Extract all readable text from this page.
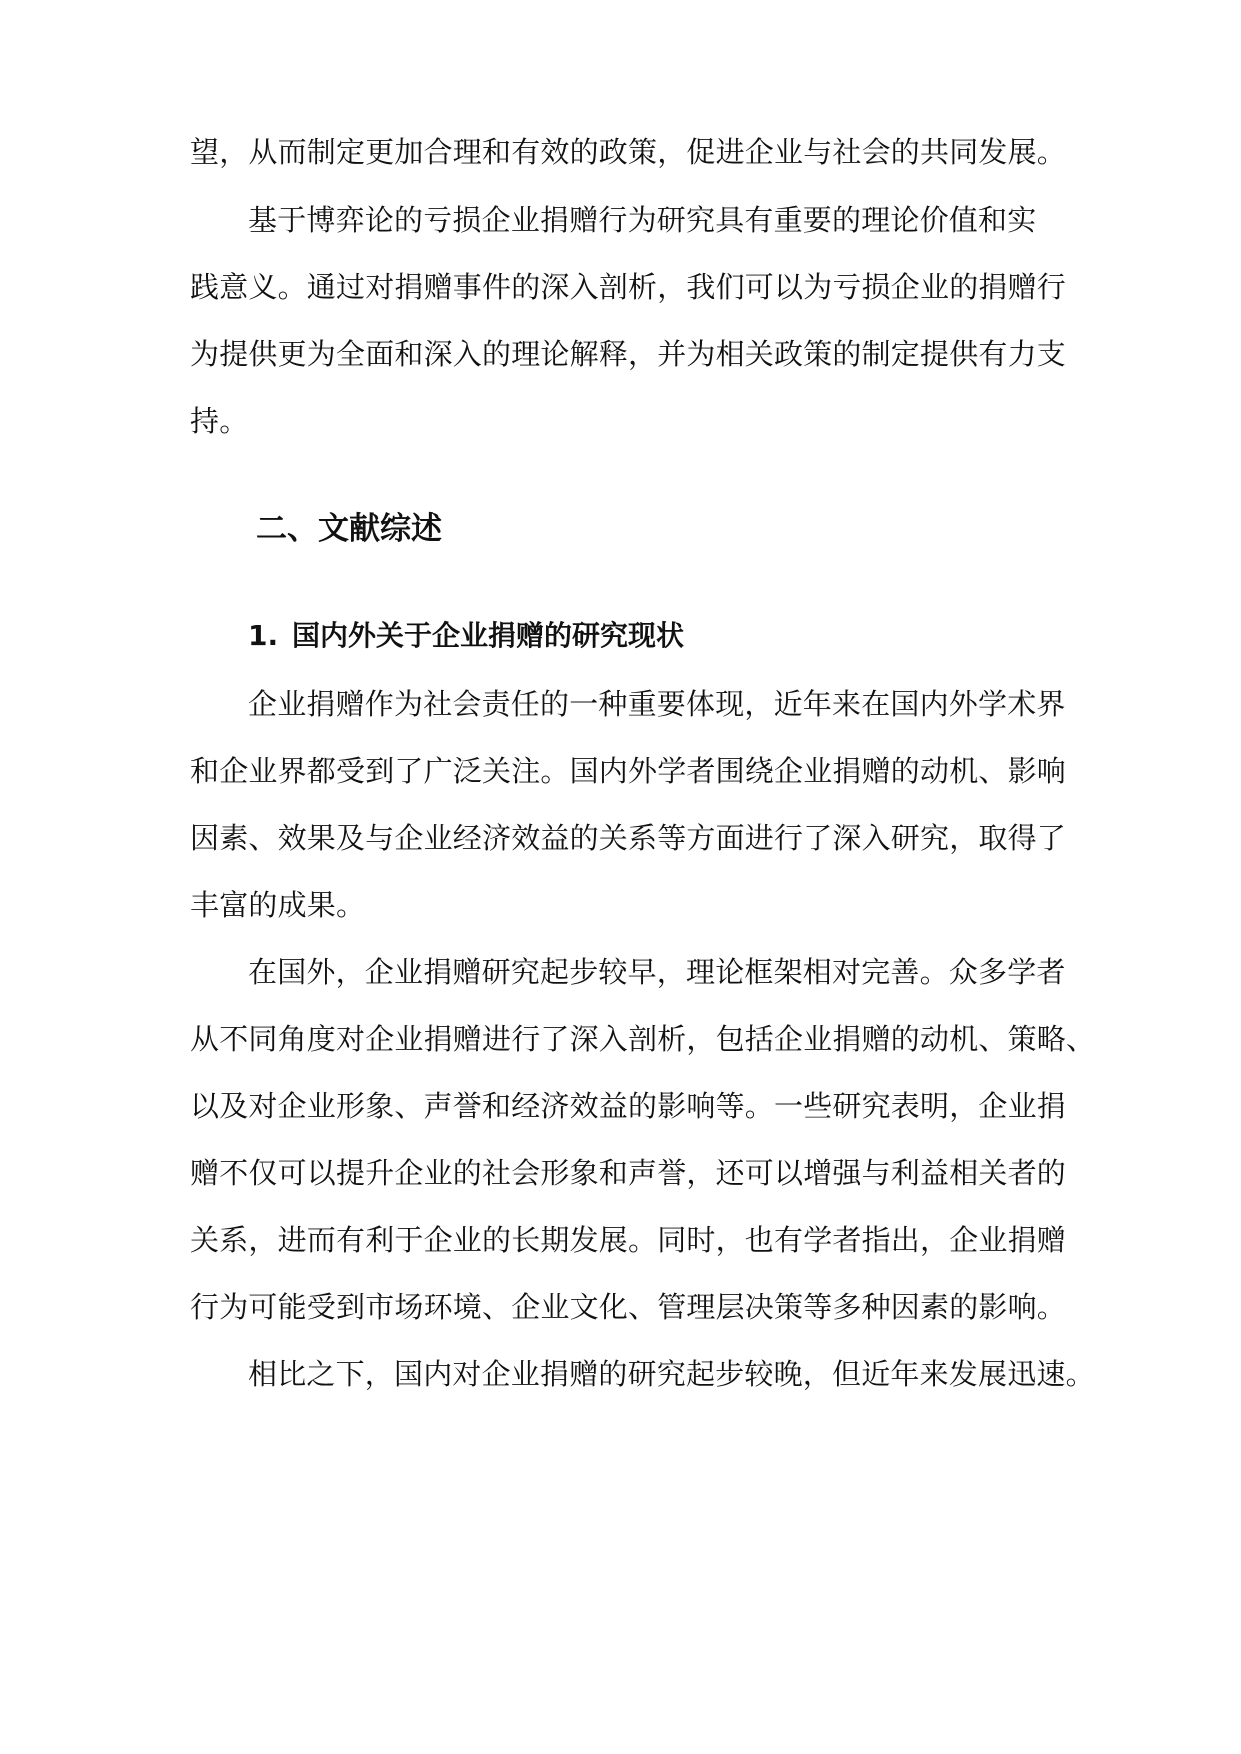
望，从而制定更加合理和有效的政策，促进企业与社会的共同发展。
基于博弈论的亏损企业捐赠行为研究具有重要的理论价值和实
践意义。通过对捐赠事件的深入剖析，我们可以为亏损企业的捐赠行
为提供更为全面和深入的理论解释，并为相关政策的制定提供有力支
持。
二、文献综述
1. 国内外关于企业捐赠的研究现状
企业捐赠作为社会责任的一种重要体现，近年来在国内外学术界
和企业界都受到了广泛关注。国内外学者围绕企业捐赠的动机、影响
因素、效果及与企业经济效益的关系等方面进行了深入研究，取得了
丰富的成果。
在国外，企业捐赠研究起步较早，理论框架相对完善。众多学者
从不同角度对企业捐赠进行了深入剖析，包括企业捐赠的动机、策略、
以及对企业形象、声誉和经济效益的影响等。一些研究表明，企业捐
赠不仅可以提升企业的社会形象和声誉，还可以增强与利益相关者的
关系，进而有利于企业的长期发展。同时，也有学者指出，企业捐赠
行为可能受到市场环境、企业文化、管理层决策等多种因素的影响。
相比之下，国内对企业捐赠的研究起步较晚，但近年来发展迅速。
